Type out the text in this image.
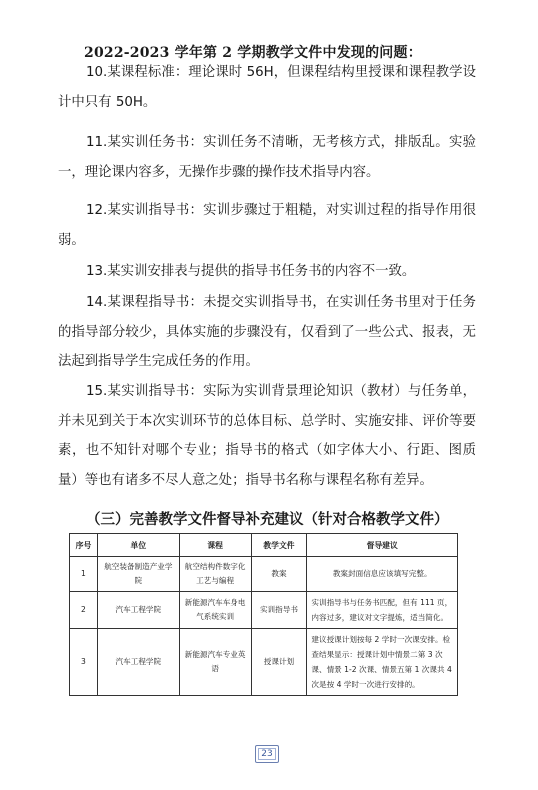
2022-2023 学年第 2 学期教学文件中发现的问题：

10.某课程标准：理论课时 56H，但课程结构里授课和课程教学设计中只有 50H。

11.某实训任务书：实训任务不清晰，无考核方式，排版乱。实验一，理论课内容多，无操作步骤的操作技术指导内容。

12.某实训指导书：实训步骤过于粗糙，对实训过程的指导作用很弱。

13.某实训安排表与提供的指导书任务书的内容不一致。

14.某课程指导书：未提交实训指导书，在实训任务书里对于任务的指导部分较少，具体实施的步骤没有，仅看到了一些公式、报表，无法起到指导学生完成任务的作用。

15.某实训指导书：实际为实训背景理论知识（教材）与任务单，并未见到关于本次实训环节的总体目标、总学时、实施安排、评价等要素，也不知针对哪个专业；指导书的格式（如字体大小、行距、图质量）等也有诸多不尽人意之处；指导书名称与课程名称有差异。

（三）完善教学文件督导补充建议（针对合格教学文件）
序号	单位	课程	教学文件	督导建议
1	航空装备制造产业学院	航空结构件数字化工艺与编程	教案	教案封面信息应该填写完整。
2	汽车工程学院	新能源汽车车身电气系统实训	实训指导书	实训指导书与任务书匹配，但有 111 页，内容过多，建议对文字提炼，适当简化。
3	汽车工程学院	新能源汽车专业英语	授课计划	建议授课计划按每 2 学时一次课安排。检查结果显示：授课计划中情景二第 3 次课、情景 1-2 次课、情景五第 1 次课共 4 次是按 4 学时一次进行安排的。
23
